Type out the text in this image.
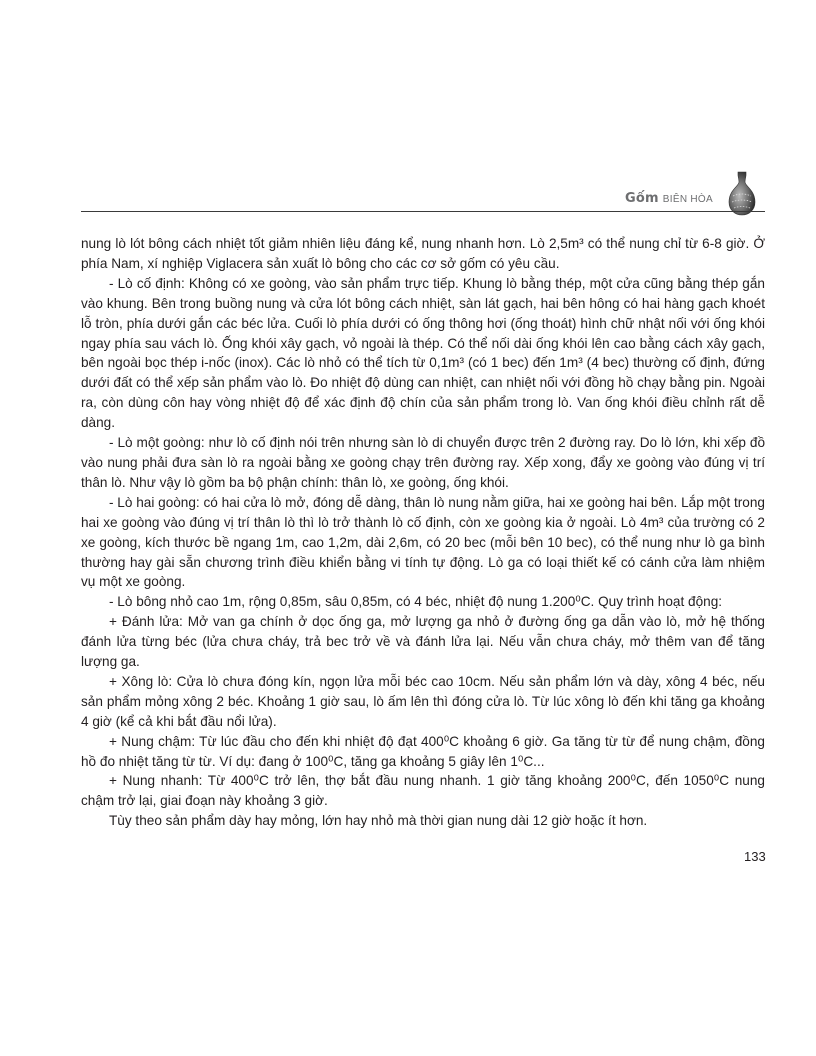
Gốm BIÊN HÒA

nung lò lót bông cách nhiệt tốt giảm nhiên liệu đáng kể, nung nhanh hơn. Lò 2,5m³ có thể nung chỉ từ 6-8 giờ. Ở phía Nam, xí nghiệp Viglacera sản xuất lò bông cho các cơ sở gốm có yêu cầu.

- Lò cố định: Không có xe goòng, vào sản phẩm trực tiếp. Khung lò bằng thép, một cửa cũng bằng thép gắn vào khung. Bên trong buồng nung và cửa lót bông cách nhiệt, sàn lát gạch, hai bên hông có hai hàng gạch khoét lỗ tròn, phía dưới gắn các béc lửa. Cuối lò phía dưới có ống thông hơi (ống thoát) hình chữ nhật nối với ống khói ngay phía sau vách lò. Ống khói xây gạch, vỏ ngoài là thép. Có thể nối dài ống khói lên cao bằng cách xây gạch, bên ngoài bọc thép i-nốc (inox). Các lò nhỏ có thể tích từ 0,1m³ (có 1 bec) đến 1m³ (4 bec) thường cố định, đứng dưới đất có thể xếp sản phẩm vào lò. Đo nhiệt độ dùng can nhiệt, can nhiệt nối với đồng hồ chạy bằng pin. Ngoài ra, còn dùng côn hay vòng nhiệt độ để xác định độ chín của sản phẩm trong lò. Van ống khói điều chỉnh rất dễ dàng.

- Lò một goòng: như lò cố định nói trên nhưng sàn lò di chuyển được trên 2 đường ray. Do lò lớn, khi xếp đồ vào nung phải đưa sàn lò ra ngoài bằng xe goòng chạy trên đường ray. Xếp xong, đẩy xe goòng vào đúng vị trí thân lò. Như vậy lò gồm ba bộ phận chính: thân lò, xe goòng, ống khói.

- Lò hai goòng: có hai cửa lò mở, đóng dễ dàng, thân lò nung nằm giữa, hai xe goòng hai bên. Lắp một trong hai xe goòng vào đúng vị trí thân lò thì lò trở thành lò cố định, còn xe goòng kia ở ngoài. Lò 4m³ của trường có 2 xe goòng, kích thước bề ngang 1m, cao 1,2m, dài 2,6m, có 20 bec (mỗi bên 10 bec), có thể nung như lò ga bình thường hay gài sẵn chương trình điều khiển bằng vi tính tự động. Lò ga có loại thiết kế có cánh cửa làm nhiệm vụ một xe goòng.

- Lò bông nhỏ cao 1m, rộng 0,85m, sâu 0,85m, có 4 béc, nhiệt độ nung 1.200⁰C. Quy trình hoạt động:

+ Đánh lửa: Mở van ga chính ở dọc ống ga, mở lượng ga nhỏ ở đường ống ga dẫn vào lò, mở hệ thống đánh lửa từng béc (lửa chưa cháy, trả bec trở về và đánh lửa lại. Nếu vẫn chưa cháy, mở thêm van để tăng lượng ga.

+ Xông lò: Cửa lò chưa đóng kín, ngọn lửa mỗi béc cao 10cm. Nếu sản phẩm lớn và dày, xông 4 béc, nếu sản phẩm mỏng xông 2 béc. Khoảng 1 giờ sau, lò ấm lên thì đóng cửa lò. Từ lúc xông lò đến khi tăng ga khoảng 4 giờ (kể cả khi bắt đầu nổi lửa).

+ Nung chậm: Từ lúc đầu cho đến khi nhiệt độ đạt 400⁰C khoảng 6 giờ. Ga tăng từ từ để nung chậm, đồng hồ đo nhiệt tăng từ từ. Ví dụ: đang ở 100⁰C, tăng ga khoảng 5 giây lên 1⁰C...

+ Nung nhanh: Từ 400⁰C trở lên, thợ bắt đầu nung nhanh. 1 giờ tăng khoảng 200⁰C, đến 1050⁰C nung chậm trở lại, giai đoạn này khoảng 3 giờ.

Tùy theo sản phẩm dày hay mỏng, lớn hay nhỏ mà thời gian nung dài 12 giờ hoặc ít hơn.

133
